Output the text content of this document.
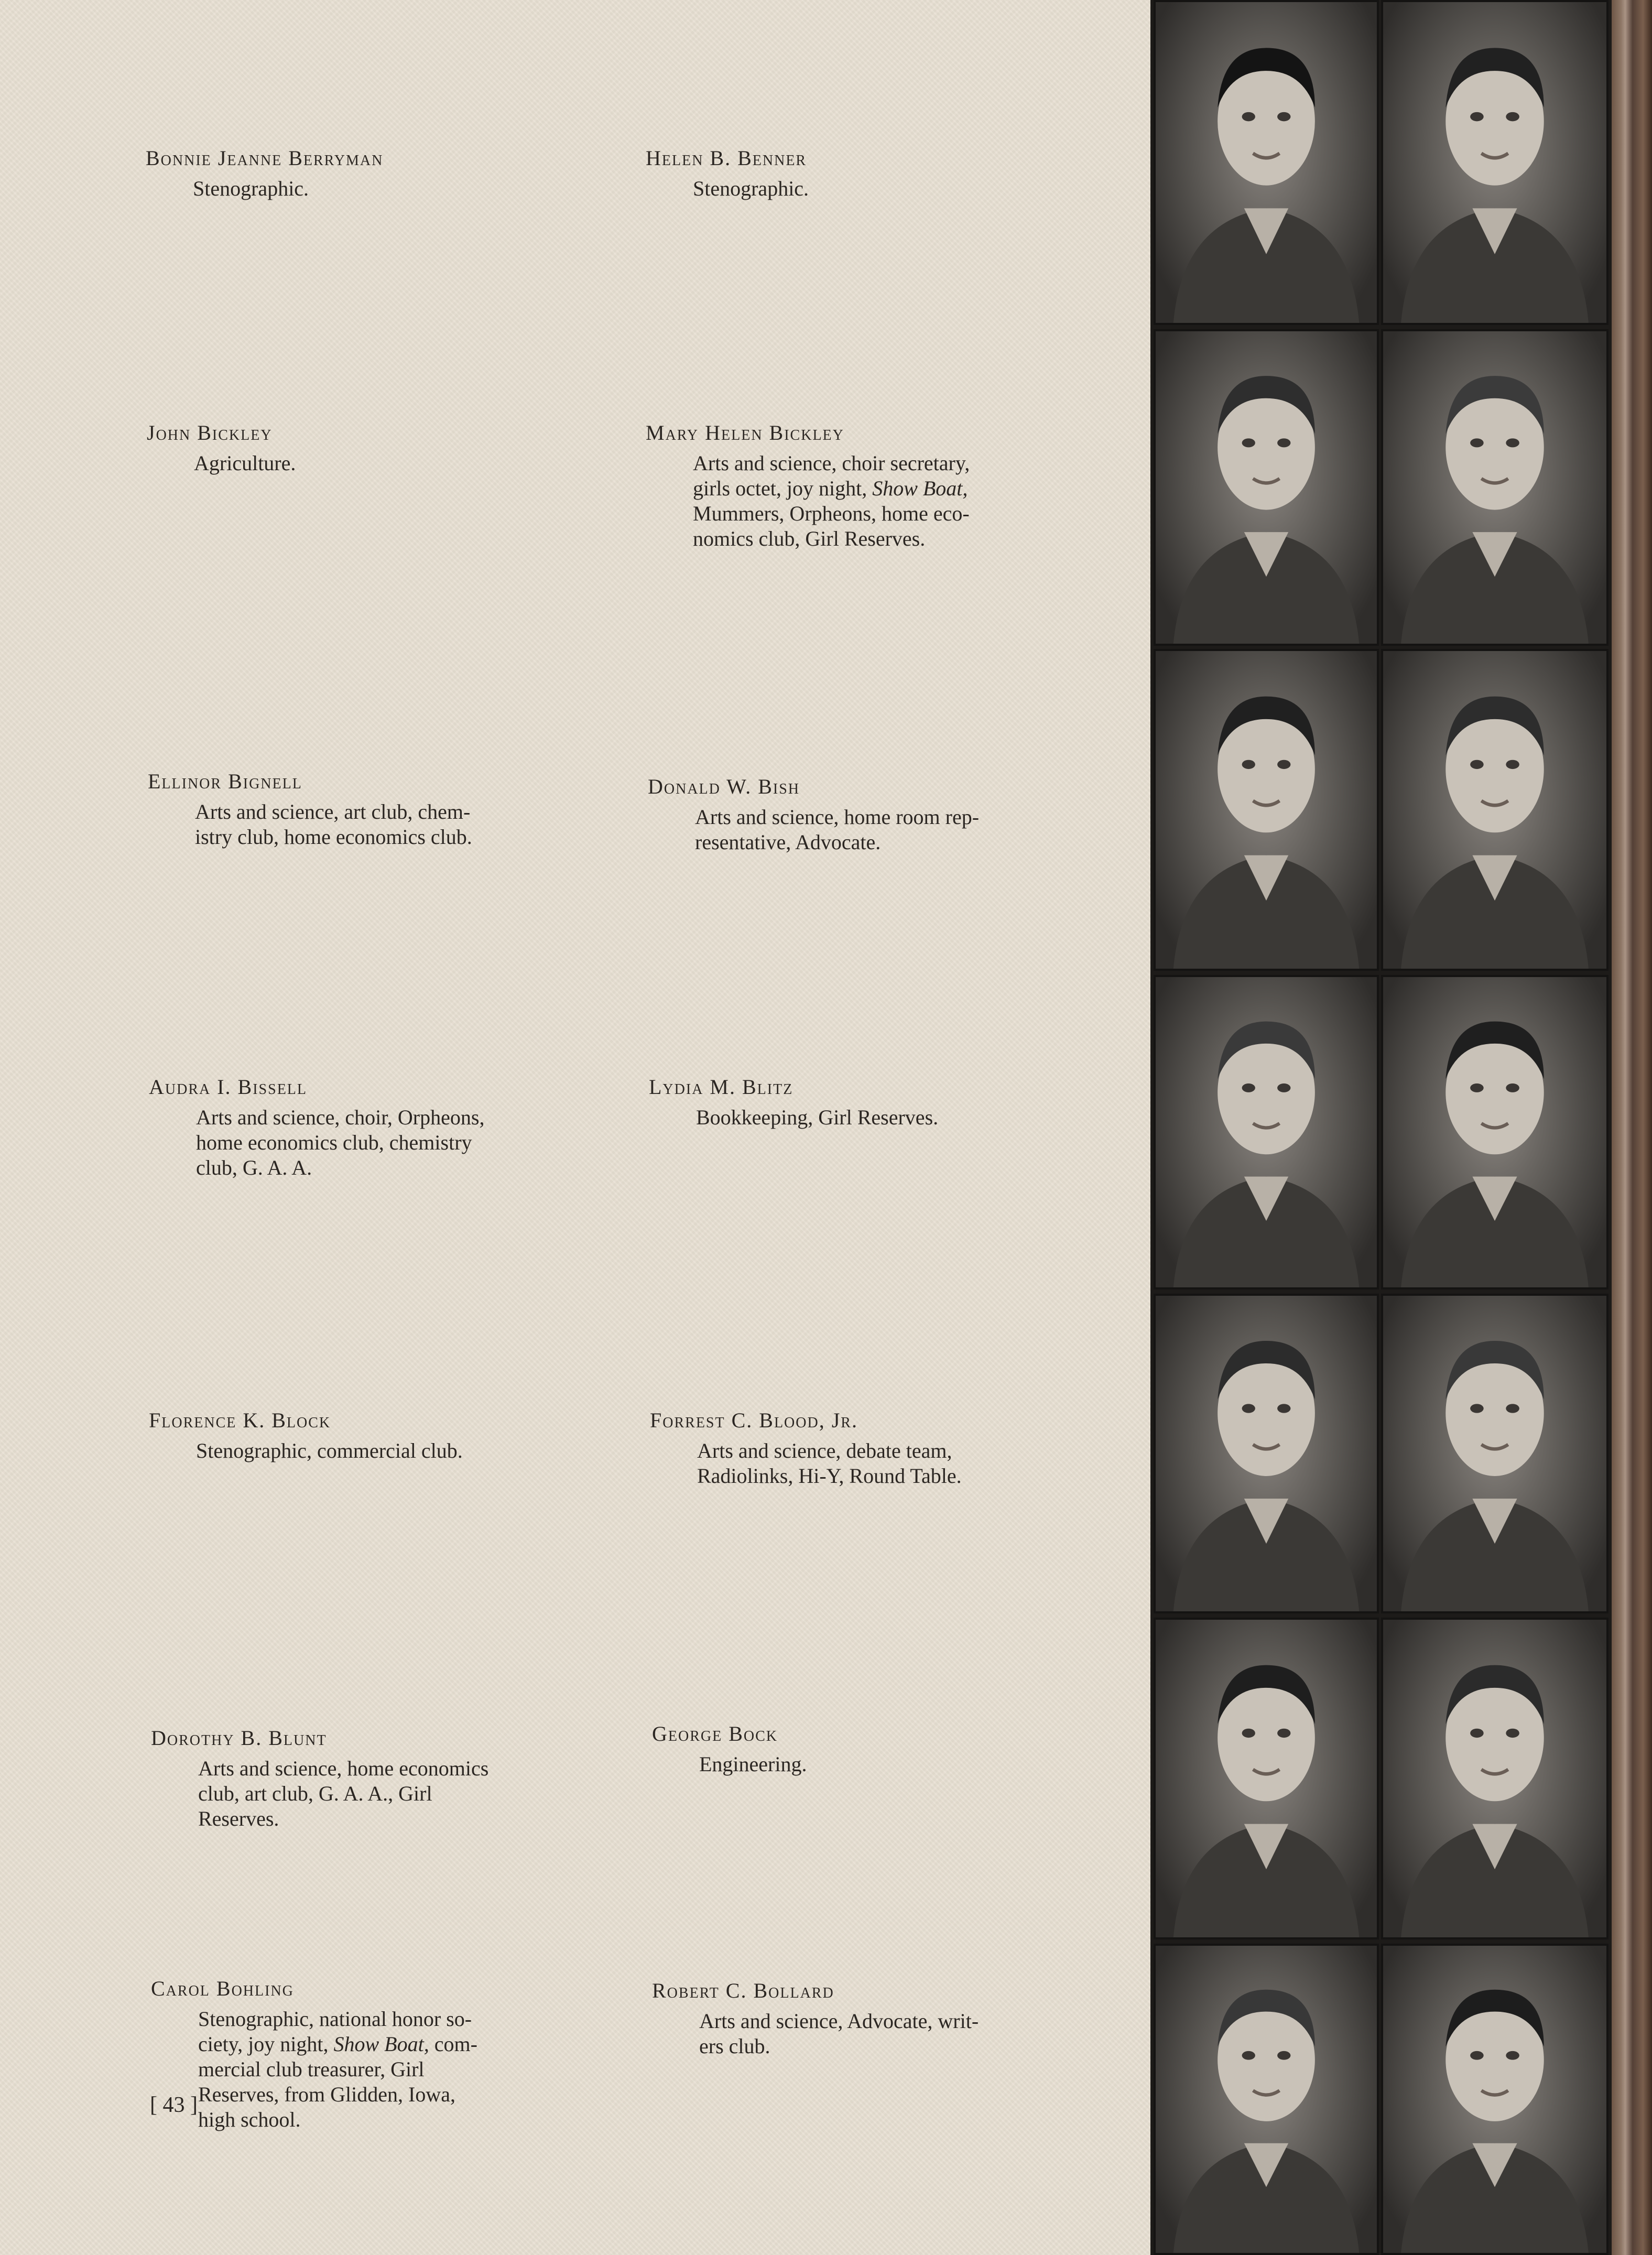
Bonnie Jeanne Berryman
Stenographic.
Helen B. Benner
Stenographic.
John Bickley
Agriculture.
Mary Helen Bickley
Arts and science, choir secretary,
girls octet, joy night, Show Boat,
Mummers, Orpheons, home eco-
nomics club, Girl Reserves.
Ellinor Bignell
Arts and science, art club, chem-
istry club, home economics club.
Donald W. Bish
Arts and science, home room rep-
resentative, Advocate.
Audra I. Bissell
Arts and science, choir, Orpheons,
home economics club, chemistry
club, G. A. A.
Lydia M. Blitz
Bookkeeping, Girl Reserves.
Florence K. Block
Stenographic, commercial club.
Forrest C. Blood, Jr.
Arts and science, debate team,
Radiolinks, Hi-Y, Round Table.
Dorothy B. Blunt
Arts and science, home economics
club, art club, G. A. A., Girl
Reserves.
George Bock
Engineering.
Carol Bohling
Stenographic, national honor so-
ciety, joy night, Show Boat, com-
mercial club treasurer, Girl
Reserves, from Glidden, Iowa,
high school.
Robert C. Bollard
Arts and science, Advocate, writ-
ers club.
[ 43 ]
